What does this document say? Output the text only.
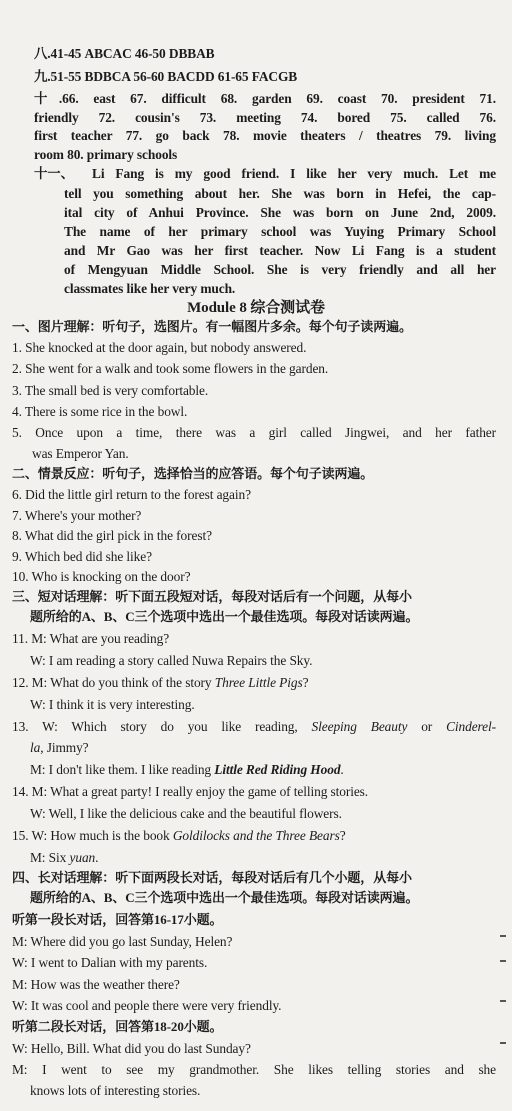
八.41-45 ABCAC 46-50 DBBAB
九.51-55 BDBCA 56-60 BACDD 61-65 FACGB
十.66. east 67. difficult 68. garden 69. coast 70. president 71.
friendly 72. cousin's 73. meeting 74. bored 75. called 76.
first teacher 77. go back 78. movie theaters / theatres 79. living
room 80. primary schools
十一、 Li Fang is my good friend. I like her very much. Let me
tell you something about her. She was born in Hefei, the cap-
ital city of Anhui Province. She was born on June 2nd, 2009.
The name of her primary school was Yuying Primary School
and Mr Gao was her first teacher. Now Li Fang is a student
of Mengyuan Middle School. She is very friendly and all her
classmates like her very much.
Module 8 综合测试卷
一、图片理解：听句子，选图片。有一幅图片多余。每个句子读两遍。
1. She knocked at the door again, but nobody answered.
2. She went for a walk and took some flowers in the garden.
3. The small bed is very comfortable.
4. There is some rice in the bowl.
5. Once upon a time, there was a girl called Jingwei, and her father
was Emperor Yan.
二、情景反应：听句子，选择恰当的应答语。每个句子读两遍。
6. Did the little girl return to the forest again?
7. Where's your mother?
8. What did the girl pick in the forest?
9. Which bed did she like?
10. Who is knocking on the door?
三、短对话理解：听下面五段短对话，每段对话后有一个问题，从每小
题所给的A、B、C三个选项中选出一个最佳选项。每段对话读两遍。
11. M: What are you reading?
W: I am reading a story called Nuwa Repairs the Sky.
12. M: What do you think of the story Three Little Pigs?
W: I think it is very interesting.
13. W: Which story do you like reading, Sleeping Beauty or Cinderel-
la, Jimmy?
M: I don't like them. I like reading Little Red Riding Hood.
14. M: What a great party! I really enjoy the game of telling stories.
W: Well, I like the delicious cake and the beautiful flowers.
15. W: How much is the book Goldilocks and the Three Bears?
M: Six yuan.
四、长对话理解：听下面两段长对话，每段对话后有几个小题，从每小
题所给的A、B、C三个选项中选出一个最佳选项。每段对话读两遍。
听第一段长对话，回答第16-17小题。
M: Where did you go last Sunday, Helen?
W: I went to Dalian with my parents.
M: How was the weather there?
W: It was cool and people there were very friendly.
听第二段长对话，回答第18-20小题。
W: Hello, Bill. What did you do last Sunday?
M: I went to see my grandmother. She likes telling stories and she
knows lots of interesting stories.
